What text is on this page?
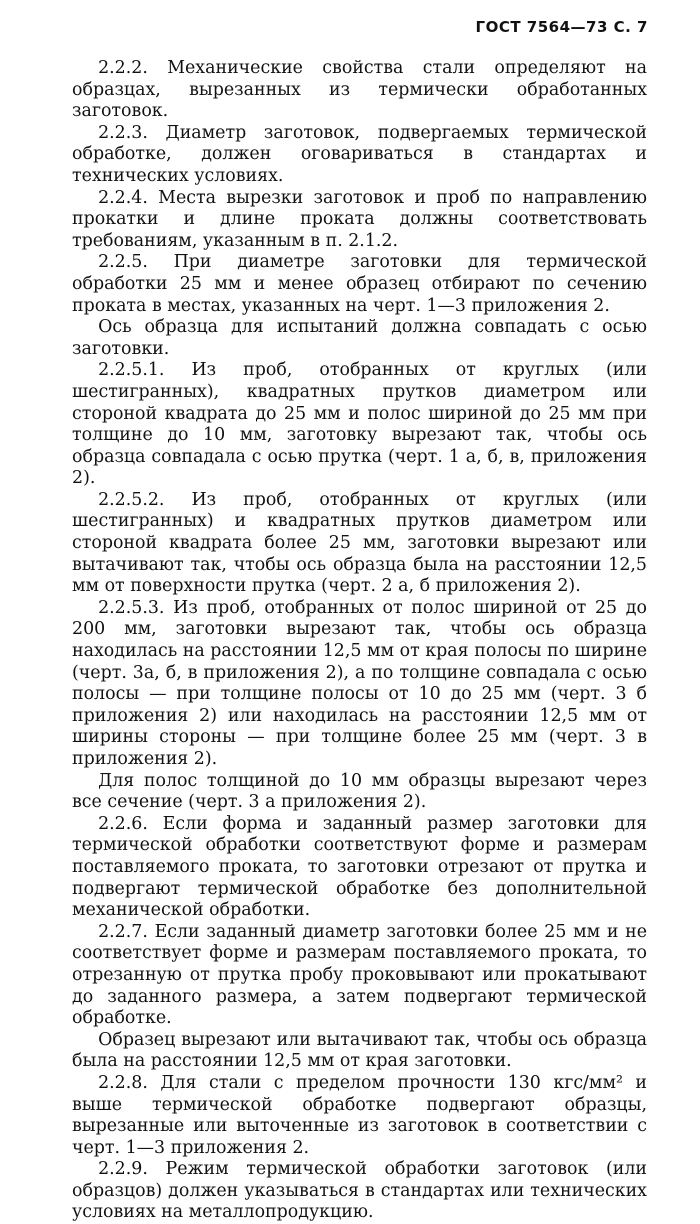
ГОСТ 7564—73 С. 7

2.2.2. Механические свойства стали определяют на образцах, вырезанных из термически обработанных заготовок.

2.2.3. Диаметр заготовок, подвергаемых термической обработке, должен оговариваться в стандартах и технических условиях.

2.2.4. Места вырезки заготовок и проб по направлению прокатки и длине проката должны соответствовать требованиям, указанным в п. 2.1.2.

2.2.5. При диаметре заготовки для термической обработки 25 мм и менее образец отбирают по сечению проката в местах, указанных на черт. 1—3 приложения 2.

Ось образца для испытаний должна совпадать с осью заготовки.

2.2.5.1. Из проб, отобранных от круглых (или шестигранных), квадратных прутков диаметром или стороной квадрата до 25 мм и полос шириной до 25 мм при толщине до 10 мм, заготовку вырезают так, чтобы ось образца совпадала с осью прутка (черт. 1 а, б, в, приложения 2).

2.2.5.2. Из проб, отобранных от круглых (или шестигранных) и квадратных прутков диаметром или стороной квадрата более 25 мм, заготовки вырезают или вытачивают так, чтобы ось образца была на расстоянии 12,5 мм от поверхности прутка (черт. 2 а, б приложения 2).

2.2.5.3. Из проб, отобранных от полос шириной от 25 до 200 мм, заготовки вырезают так, чтобы ось образца находилась на расстоянии 12,5 мм от края полосы по ширине (черт. 3а, б, в приложения 2), а по толщине совпадала с осью полосы — при толщине полосы от 10 до 25 мм (черт. 3 б приложения 2) или находилась на расстоянии 12,5 мм от ширины стороны — при толщине более 25 мм (черт. 3 в приложения 2).

Для полос толщиной до 10 мм образцы вырезают через все сечение (черт. 3 а приложения 2).

2.2.6. Если форма и заданный размер заготовки для термической обработки соответствуют форме и размерам поставляемого проката, то заготовки отрезают от прутка и подвергают термической обработке без дополнительной механической обработки.

2.2.7. Если заданный диаметр заготовки более 25 мм и не соответствует форме и размерам поставляемого проката, то отрезанную от прутка пробу проковывают или прокатывают до заданного размера, а затем подвергают термической обработке.

Образец вырезают или вытачивают так, чтобы ось образца была на расстоянии 12,5 мм от края заготовки.

2.2.8. Для стали с пределом прочности 130 кгс/мм² и выше термической обработке подвергают образцы, вырезанные или выточенные из заготовок в соответствии с черт. 1—3 приложения 2.

2.2.9. Режим термической обработки заготовок (или образцов) должен указываться в стандартах или технических условиях на металлопродукцию.
